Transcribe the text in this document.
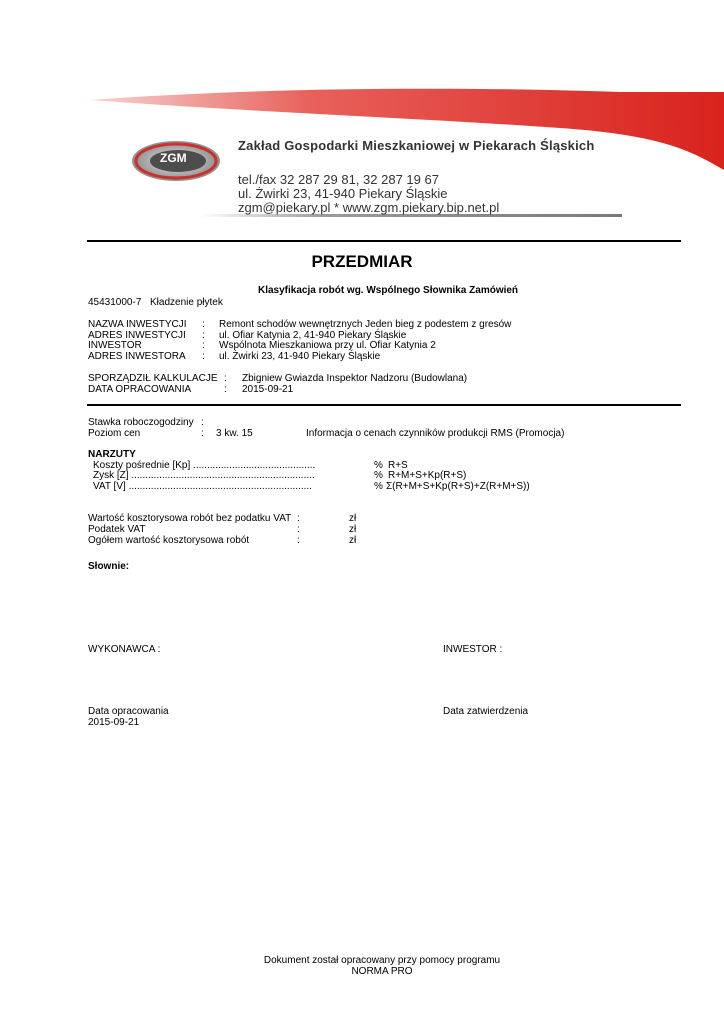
ZGM
Zakład Gospodarki Mieszkaniowej w Piekarach Śląskich
tel./fax 32 287 29 81, 32 287 19 67
ul. Żwirki 23, 41-940 Piekary Śląskie
zgm@piekary.pl * www.zgm.piekary.bip.net.pl
PRZEDMIAR
Klasyfikacja robót wg. Wspólnego Słownika Zamówień
45431000-7 Kładzenie płytek
NAZWA INWESTYCJI : Remont schodów wewnętrznych Jeden bieg z podestem z gresów
ADRES INWESTYCJI : ul. Ofiar Katynia 2, 41-940 Piekary Śląskie
INWESTOR	: Wspólnota Mieszkaniowa przy ul. Ofiar Katynia 2
ADRES INWESTORA : ul. Żwirki 23, 41-940 Piekary Śląskie
SPORZĄDZIŁ KALKULACJE : Zbigniew Gwiazda Inspektor Nadzoru (Budowlana)
DATA OPRACOWANIA	: 2015-09-21
Stawka roboczogodziny :
Poziom cen	: 3 kw. 15	Informacja o cenach czynników produkcji RMS (Promocja)
NARZUTY
Koszty pośrednie [Kp] ............................................	% R+S
Zysk [Z] ..................................................................	% R+M+S+Kp(R+S)
VAT [V] ..................................................................	% Σ(R+M+S+Kp(R+S)+Z(R+M+S))
Wartość kosztorysowa robót bez podatku VAT :	zł
Podatek VAT	:	zł
Ogółem wartość kosztorysowa robót	:	zł
Słownie:
WYKONAWCA :	INWESTOR :
Data opracowania
2015-09-21
Data zatwierdzenia
Dokument został opracowany przy pomocy programu
NORMA PRO
